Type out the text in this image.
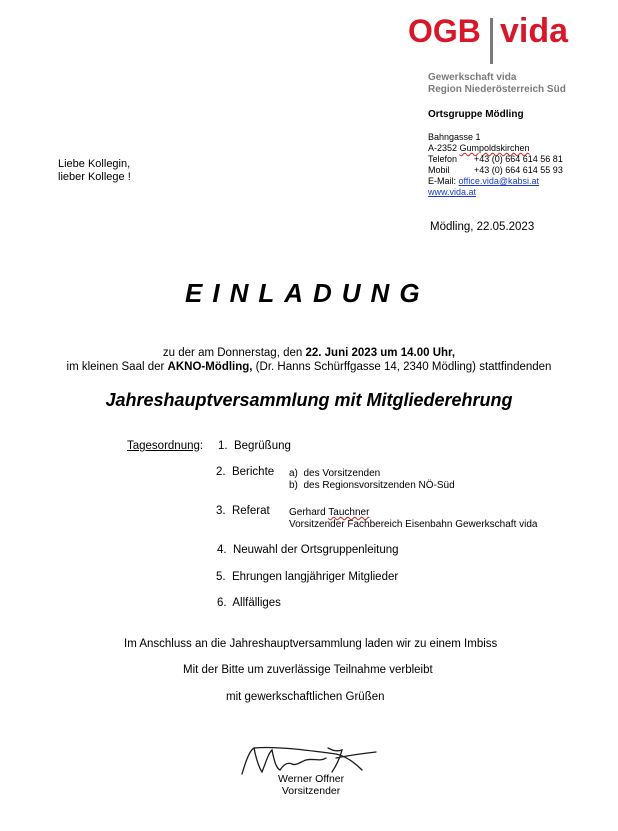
OGB vida
Gewerkschaft vida
Region Niederösterreich Süd
Ortsgruppe Mödling
Bahngasse 1
A-2352 Gumpoldskirchen
Telefon +43 (0) 664 614 56 81
Mobil	+43 (0) 664 614 55 93
E-Mail: office.vida@kabsi.at
www.vida.at
Liebe Kollegin,
lieber Kollege !
Mödling, 22.05.2023
EINLADUNG
zu der am Donnerstag, den 22. Juni 2023 um 14.00 Uhr,
im kleinen Saal der AKNO-Mödling, (Dr. Hanns Schürffgasse 14, 2340 Mödling) stattfindenden
Jahreshauptversammlung mit Mitgliederehrung
Tagesordnung: 1. Begrüßung
2. Berichte a) des Vorsitzenden
b) des Regionsvorsitzenden NÖ-Süd
3. Referat Gerhard Tauchner
Vorsitzender Fachbereich Eisenbahn Gewerkschaft vida
4. Neuwahl der Ortsgruppenleitung
5. Ehrungen langjähriger Mitglieder
6. Allfälliges
Im Anschluss an die Jahreshauptversammlung laden wir zu einem Imbiss
Mit der Bitte um zuverlässige Teilnahme verbleibt
mit gewerkschaftlichen Grüßen
Werner Offner
Vorsitzender
